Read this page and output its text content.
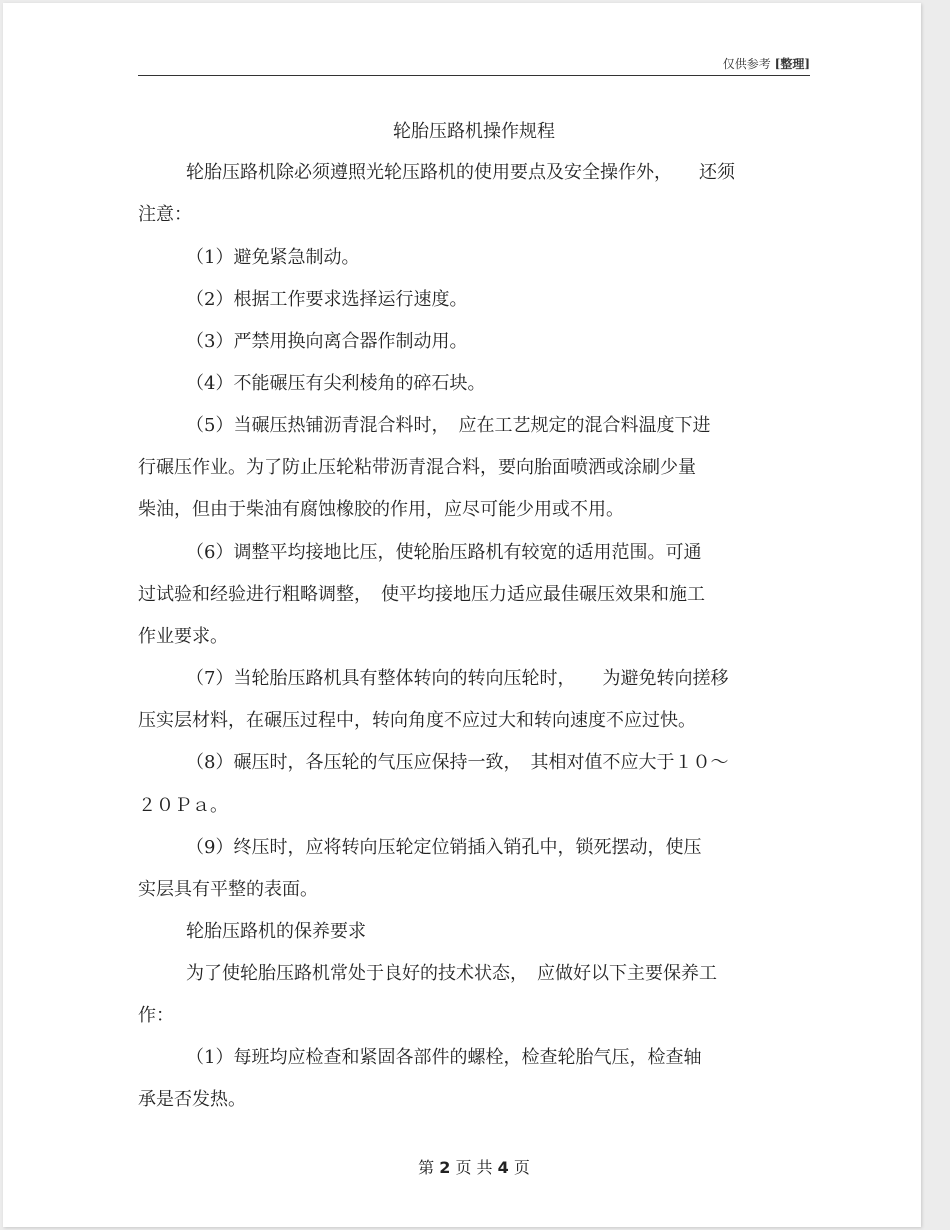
仅供参考 [整理]
轮胎压路机操作规程
轮胎压路机除必须遵照光轮压路机的使用要点及安全操作外，　　还须
注意：
（1）避免紧急制动。
（2）根据工作要求选择运行速度。
（3）严禁用换向离合器作制动用。
（4）不能碾压有尖利棱角的碎石块。
（5）当碾压热铺沥青混合料时，　应在工艺规定的混合料温度下进
行碾压作业。为了防止压轮粘带沥青混合料，要向胎面喷洒或涂刷少量
柴油，但由于柴油有腐蚀橡胶的作用，应尽可能少用或不用。
（6）调整平均接地比压，使轮胎压路机有较宽的适用范围。可通
过试验和经验进行粗略调整，　使平均接地压力适应最佳碾压效果和施工
作业要求。
（7）当轮胎压路机具有整体转向的转向压轮时，　　为避免转向搓移
压实层材料，在碾压过程中，转向角度不应过大和转向速度不应过快。
（8）碾压时，各压轮的气压应保持一致，　其相对值不应大于１０～
２０Ｐａ。
（9）终压时，应将转向压轮定位销插入销孔中，锁死摆动，使压
实层具有平整的表面。
轮胎压路机的保养要求
为了使轮胎压路机常处于良好的技术状态，　应做好以下主要保养工
作：
（1）每班均应检查和紧固各部件的螺栓，检查轮胎气压，检查轴
承是否发热。
第 2 页 共 4 页
